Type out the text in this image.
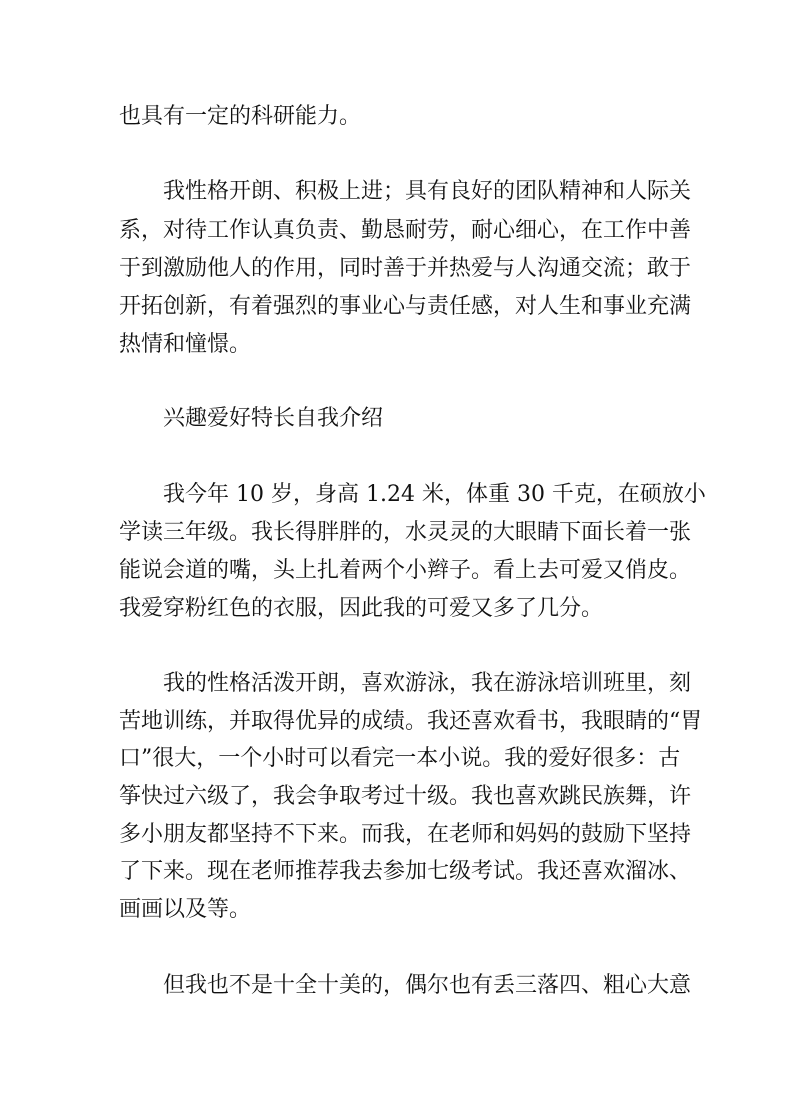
也具有一定的科研能力。
我性格开朗、积极上进；具有良好的团队精神和人际关
系，对待工作认真负责、勤恳耐劳，耐心细心，在工作中善
于到激励他人的作用，同时善于并热爱与人沟通交流；敢于
开拓创新，有着强烈的事业心与责任感，对人生和事业充满
热情和憧憬。
兴趣爱好特长自我介绍
我今年 10 岁，身高 1.24 米，体重 30 千克，在硕放小
学读三年级。我长得胖胖的，水灵灵的大眼睛下面长着一张
能说会道的嘴，头上扎着两个小辫子。看上去可爱又俏皮。
我爱穿粉红色的衣服，因此我的可爱又多了几分。
我的性格活泼开朗，喜欢游泳，我在游泳培训班里，刻
苦地训练，并取得优异的成绩。我还喜欢看书，我眼睛的“胃
口”很大，一个小时可以看完一本小说。我的爱好很多：古
筝快过六级了，我会争取考过十级。我也喜欢跳民族舞，许
多小朋友都坚持不下来。而我，在老师和妈妈的鼓励下坚持
了下来。现在老师推荐我去参加七级考试。我还喜欢溜冰、
画画以及等。
但我也不是十全十美的，偶尔也有丢三落四、粗心大意
